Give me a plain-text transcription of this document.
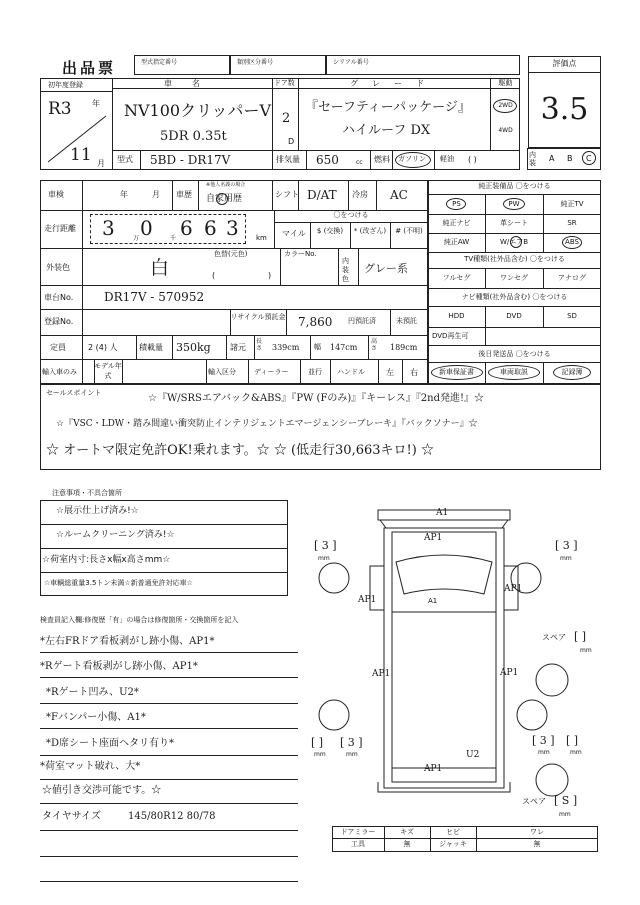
出品票	型式指定番号	類別区分番号	シリアル番号	評価点
3.5
初年度登録
R3	年
11 月
車名
NV100クリッパーV
5DR 0.35t
ドア数
2
D
グレード
『セーフティーパッケージ』
ハイルーフ DX
駆動
2WD
4WD
型式 5BD - DR17V	排気量 650	cc 燃料 ガソリン 軽油 ( )	内装 A B C
車検	年	月 車歴
※他人名義の場合
自家用歴	シフト D/AT 冷房 AC
走行距離 3	万 0	千 6 6 3 km
〇をつける
マイル	$ (交換)	* (改ざん)	# (不明)
外装色
色替(元色)
白	(	)
カラーNo.
内装色
グレー系
車台No.	DR17V - 570952
登録No.	リサイクル預託金 7,860 円預託済	未預託
定員	2 (4) 人	積載量 350kg 諸元
長さ 339cm 幅 147cm
高さ 189cm
輸入車のみ
モデル年式	輸入区分	ディーラー	並行 ハンドル	左 右
純正装備品 〇をつける
PS	PW	純正TV
純正ナビ	革シート	SR
純正AW	W/エアB	ABS
TV種類(社外品含む) 〇をつける
フルセグ	ワンセグ	アナログ
ナビ種類(社外品含む) 〇をつける
HDD	DVD	SD
DVD再生可
後日発送品 〇をつける
新車保証書	車両取説	記録簿
セールスポイント	☆『W/SRSエアバック&ABS』『PW (Fのみ)』『キーレス』『2nd発進!』☆
☆『VSC・LDW・踏み間違い衝突防止インテリジェントエマージェンシーブレーキ』『バックソナー』☆
☆ オートマ限定免許OK!乗れます。☆ ☆ (低走行30,663キロ!) ☆
注意事項・不具合箇所
☆展示仕上げ済み!☆
☆ルームクリーニング済み!☆
☆荷室内寸:長さx幅x高さmm☆
☆車輌総重量3.5トン未満☆新普通免許対応車☆
検査員記入欄:修復歴「有」の場合は修復箇所・交換箇所を記入
*左右FRドア看板剥がし跡小傷、AP1*
*Rゲート看板剥がし跡小傷、AP1*
*Rゲート凹み、U2*
*Fバンパー小傷、A1*
*D席シート座面ヘタリ有り*
*荷室マット破れ、大*
☆値引き交渉可能です。☆
タイヤサイズ	145/80R12 80/78
A1
AP1
A1
AP1
AP1
AP1	AP1
U2
AP1
[ 3 ]
mm
[ 3 ]
mm
[ 3 ]
mm
[ ]
mm
[ 3 ]
mm
[ ]
mm
スペア [ ]
mm
スペア [ S ]
mm
ドアミラー	キズ	ヒビ	ワレ
工具	無	ジャッキ	無
